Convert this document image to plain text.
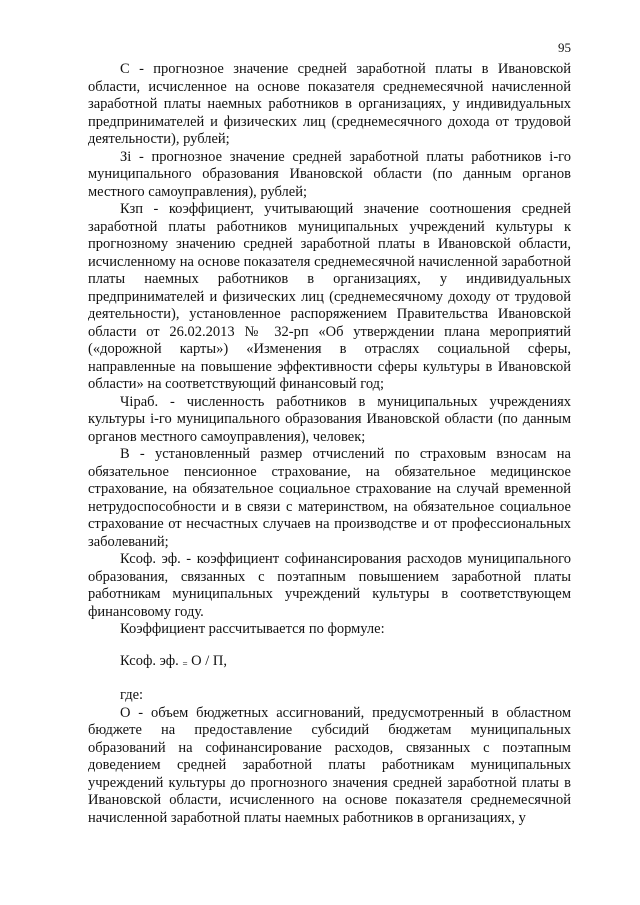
95

С - прогнозное значение средней заработной платы в Ивановской области, исчисленное на основе показателя среднемесячной начисленной заработной платы наемных работников в организациях, у индивидуальных предпринимателей и физических лиц (среднемесячного дохода от трудовой деятельности), рублей;

Зi - прогнозное значение средней заработной платы работников i-го муниципального образования Ивановской области (по данным органов местного самоуправления), рублей;

Кзп - коэффициент, учитывающий значение соотношения средней заработной платы работников муниципальных учреждений культуры к прогнозному значению средней заработной платы в Ивановской области, исчисленному на основе показателя среднемесячной начисленной заработной платы наемных работников в организациях, у индивидуальных предпринимателей и физических лиц (среднемесячному доходу от трудовой деятельности), установленное распоряжением Правительства Ивановской области от 26.02.2013 № 32-рп «Об утверждении плана мероприятий («дорожной карты») «Изменения в отраслях социальной сферы, направленные на повышение эффективности сферы культуры в Ивановской области» на соответствующий финансовый год;

Чiраб. - численность работников в муниципальных учреждениях культуры i-го муниципального образования Ивановской области (по данным органов местного самоуправления), человек;

В - установленный размер отчислений по страховым взносам на обязательное пенсионное страхование, на обязательное медицинское страхование, на обязательное социальное страхование на случай временной нетрудоспособности и в связи с материнством, на обязательное социальное страхование от несчастных случаев на производстве и от профессиональных заболеваний;

Ксоф. эф. - коэффициент софинансирования расходов муниципального образования, связанных с поэтапным повышением заработной платы работникам муниципальных учреждений культуры в соответствующем финансовому году.

Коэффициент рассчитывается по формуле:

Ксоф. эф. = О / П,

где:

О - объем бюджетных ассигнований, предусмотренный в областном бюджете на предоставление субсидий бюджетам муниципальных образований на софинансирование расходов, связанных с поэтапным доведением средней заработной платы работникам муниципальных учреждений культуры до прогнозного значения средней заработной платы в Ивановской области, исчисленного на основе показателя среднемесячной начисленной заработной платы наемных работников в организациях, у
